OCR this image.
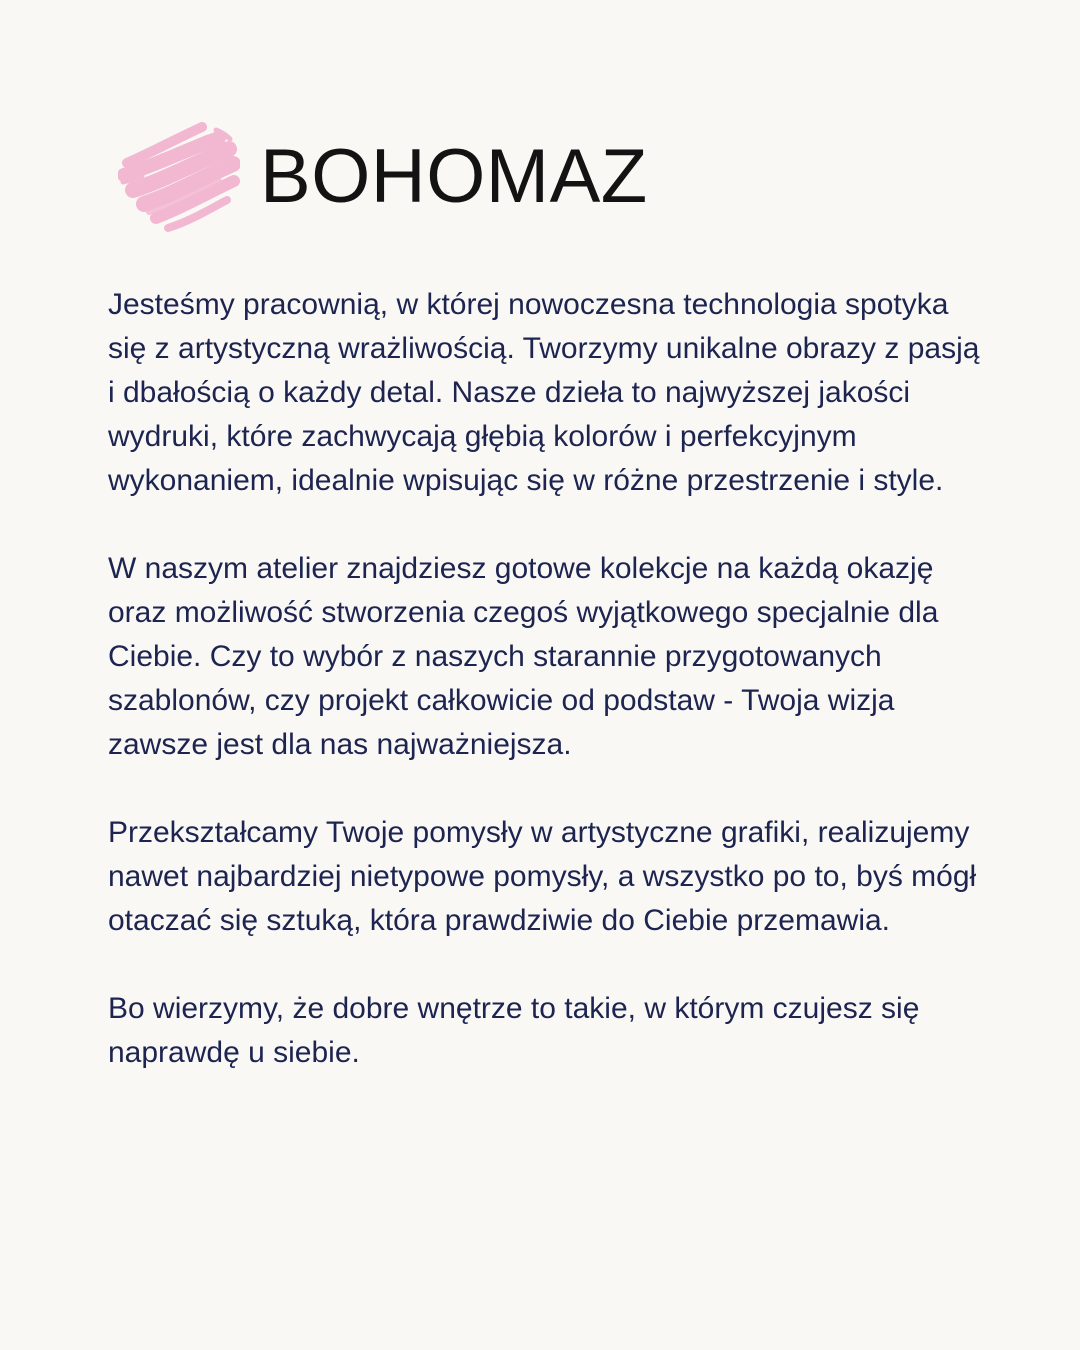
BOHOMAZ

Jesteśmy pracownią, w której nowoczesna technologia spotyka się z artystyczną wrażliwością. Tworzymy unikalne obrazy z pasją i dbałością o każdy detal. Nasze dzieła to najwyższej jakości wydruki, które zachwycają głębią kolorów i perfekcyjnym wykonaniem, idealnie wpisując się w różne przestrzenie i style.

W naszym atelier znajdziesz gotowe kolekcje na każdą okazję oraz możliwość stworzenia czegoś wyjątkowego specjalnie dla Ciebie. Czy to wybór z naszych starannie przygotowanych szablonów, czy projekt całkowicie od podstaw - Twoja wizja zawsze jest dla nas najważniejsza.

Przekształcamy Twoje pomysły w artystyczne grafiki, realizujemy nawet najbardziej nietypowe pomysły, a wszystko po to, byś mógł otaczać się sztuką, która prawdziwie do Ciebie przemawia.

Bo wierzymy, że dobre wnętrze to takie, w którym czujesz się naprawdę u siebie.
